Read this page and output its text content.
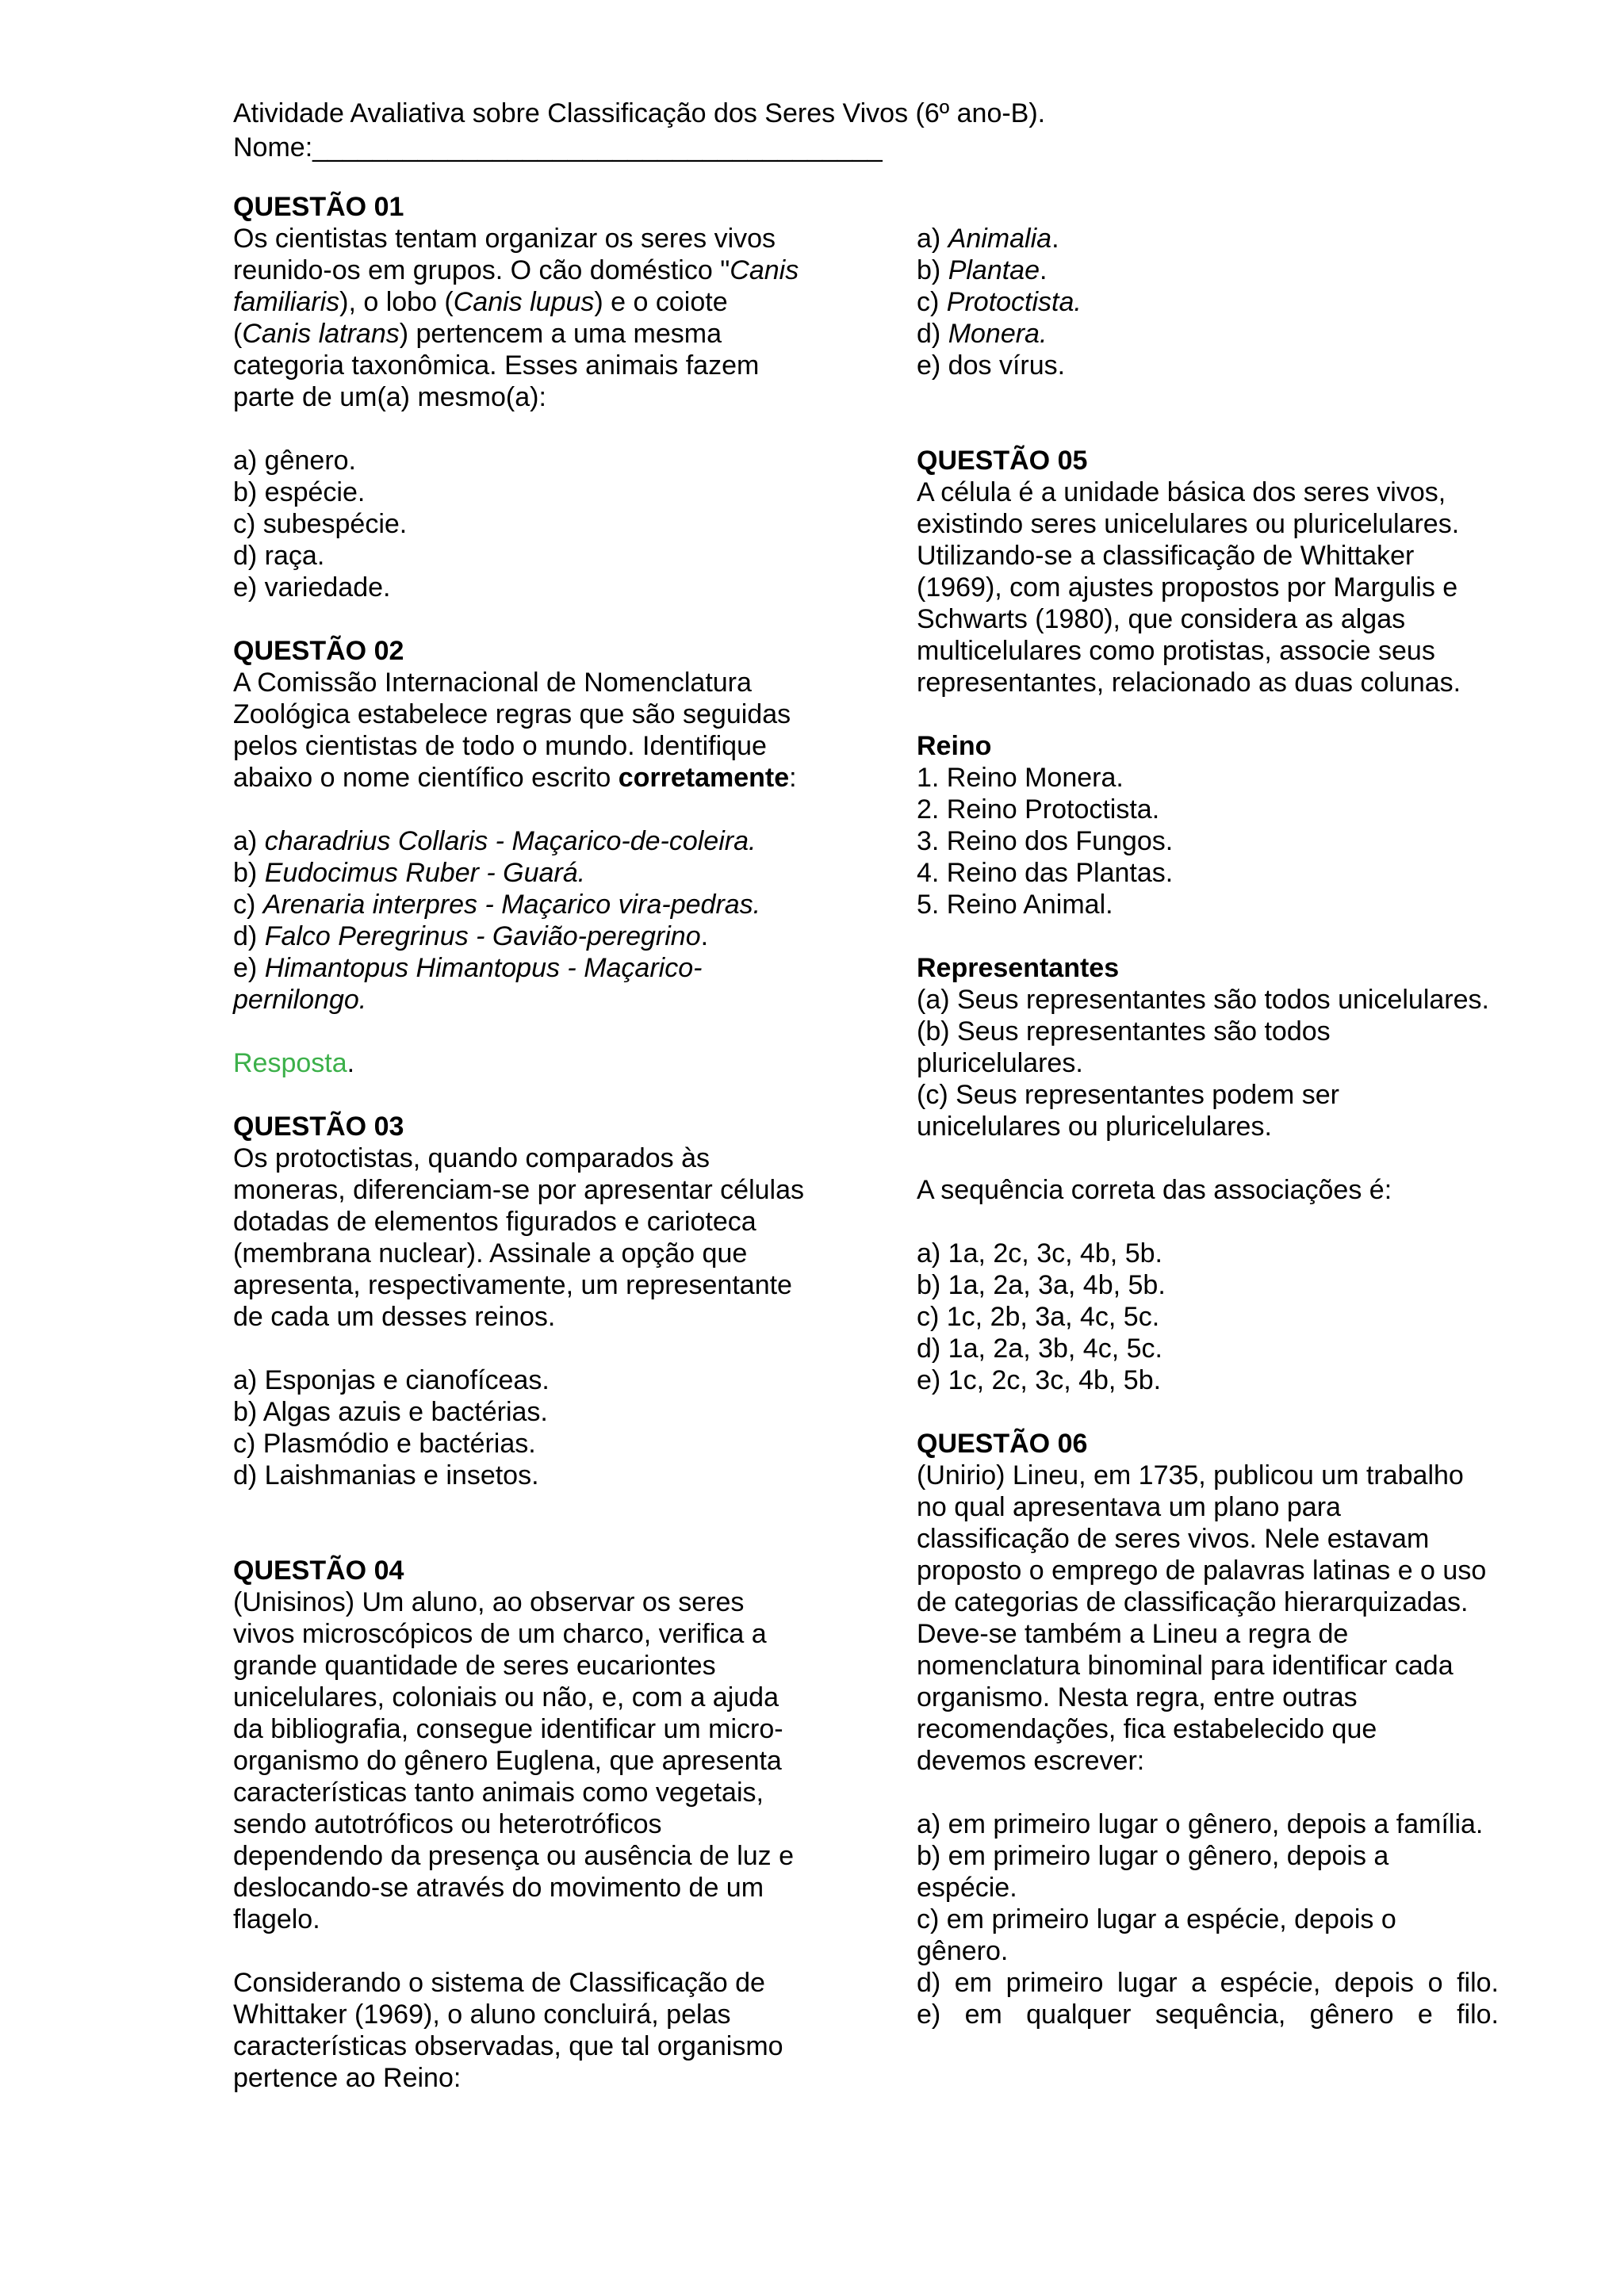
Atividade Avaliativa sobre Classificação dos Seres Vivos (6º ano-B).
Nome:______________________________________
QUESTÃO 01
Os cientistas tentam organizar os seres vivos
reunido-os em grupos. O cão doméstico "Canis
familiaris), o lobo (Canis lupus) e o coiote
(Canis latrans) pertencem a uma mesma
categoria taxonômica. Esses animais fazem
parte de um(a) mesmo(a):
a) gênero.
b) espécie.
c) subespécie.
d) raça.
e) variedade.
QUESTÃO 02
A Comissão Internacional de Nomenclatura
Zoológica estabelece regras que são seguidas
pelos cientistas de todo o mundo. Identifique
abaixo o nome científico escrito corretamente:
a) charadrius Collaris - Maçarico-de-coleira.
b) Eudocimus Ruber - Guará.
c) Arenaria interpres - Maçarico vira-pedras.
d) Falco Peregrinus - Gavião-peregrino.
e) Himantopus Himantopus - Maçarico-
pernilongo.
Resposta.
QUESTÃO 03
Os protoctistas, quando comparados às
moneras, diferenciam-se por apresentar células
dotadas de elementos figurados e carioteca
(membrana nuclear). Assinale a opção que
apresenta, respectivamente, um representante
de cada um desses reinos.
a) Esponjas e cianofíceas.
b) Algas azuis e bactérias.
c) Plasmódio e bactérias.
d) Laishmanias e insetos.
QUESTÃO 04
(Unisinos) Um aluno, ao observar os seres
vivos microscópicos de um charco, verifica a
grande quantidade de seres eucariontes
unicelulares, coloniais ou não, e, com a ajuda
da bibliografia, consegue identificar um micro-
organismo do gênero Euglena, que apresenta
características tanto animais como vegetais,
sendo autotróficos ou heterotróficos
dependendo da presença ou ausência de luz e
deslocando-se através do movimento de um
flagelo.
Considerando o sistema de Classificação de
Whittaker (1969), o aluno concluirá, pelas
características observadas, que tal organismo
pertence ao Reino:
a) Animalia.
b) Plantae.
c) Protoctista.
d) Monera.
e) dos vírus.
QUESTÃO 05
A célula é a unidade básica dos seres vivos,
existindo seres unicelulares ou pluricelulares.
Utilizando-se a classificação de Whittaker
(1969), com ajustes propostos por Margulis e
Schwarts (1980), que considera as algas
multicelulares como protistas, associe seus
representantes, relacionado as duas colunas.
Reino
1. Reino Monera.
2. Reino Protoctista.
3. Reino dos Fungos.
4. Reino das Plantas.
5. Reino Animal.
Representantes
(a) Seus representantes são todos unicelulares.
(b) Seus representantes são todos
pluricelulares.
(c) Seus representantes podem ser
unicelulares ou pluricelulares.
A sequência correta das associações é:
a) 1a, 2c, 3c, 4b, 5b.
b) 1a, 2a, 3a, 4b, 5b.
c) 1c, 2b, 3a, 4c, 5c.
d) 1a, 2a, 3b, 4c, 5c.
e) 1c, 2c, 3c, 4b, 5b.
QUESTÃO 06
(Unirio) Lineu, em 1735, publicou um trabalho
no qual apresentava um plano para
classificação de seres vivos. Nele estavam
proposto o emprego de palavras latinas e o uso
de categorias de classificação hierarquizadas.
Deve-se também a Lineu a regra de
nomenclatura binominal para identificar cada
organismo. Nesta regra, entre outras
recomendações, fica estabelecido que
devemos escrever:
a) em primeiro lugar o gênero, depois a família.
b) em primeiro lugar o gênero, depois a
espécie.
c) em primeiro lugar a espécie, depois o
gênero.
d) em primeiro lugar a espécie, depois o filo.
e) em qualquer sequência, gênero e filo.
